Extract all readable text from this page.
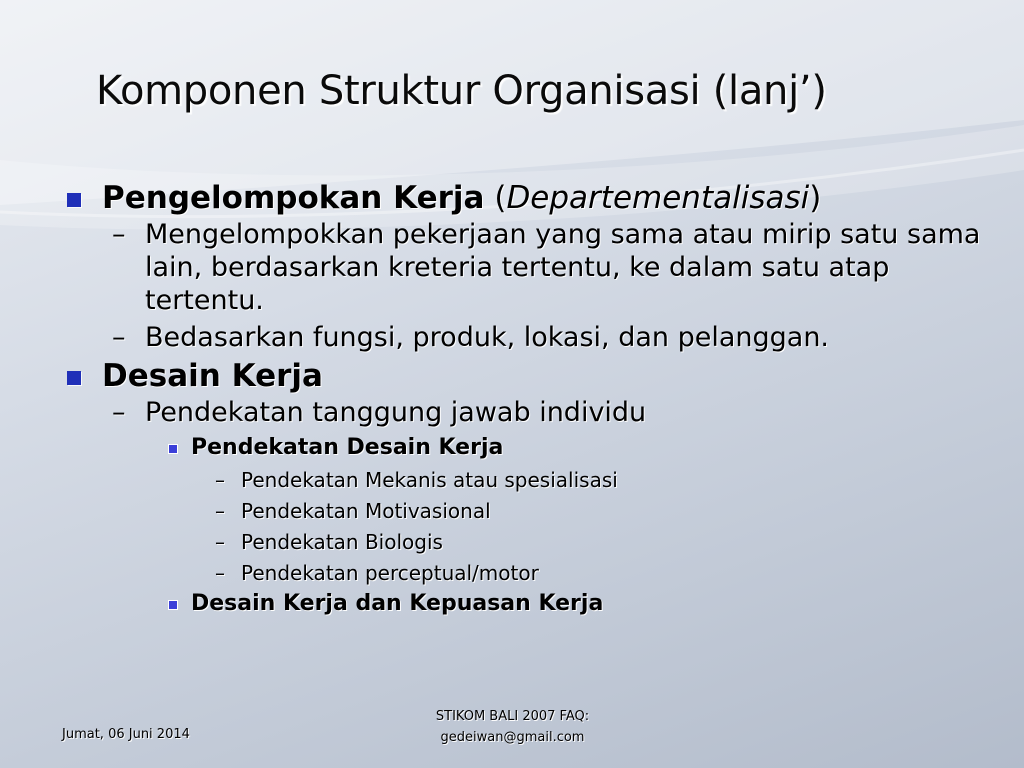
Komponen Struktur Organisasi (lanj’)
Pengelompokan Kerja (Departementalisasi)
– Mengelompokkan pekerjaan yang sama atau mirip satu sama lain, berdasarkan kreteria tertentu, ke dalam satu atap tertentu.
– Bedasarkan fungsi, produk, lokasi, dan pelanggan.
Desain Kerja
– Pendekatan tanggung jawab individu
Pendekatan Desain Kerja
– Pendekatan Mekanis atau spesialisasi
– Pendekatan Motivasional
– Pendekatan Biologis
– Pendekatan perceptual/motor
Desain Kerja dan Kepuasan Kerja
Jumat, 06 Juni 2014
STIKOM BALI 2007 FAQ:
gedeiwan@gmail.com
